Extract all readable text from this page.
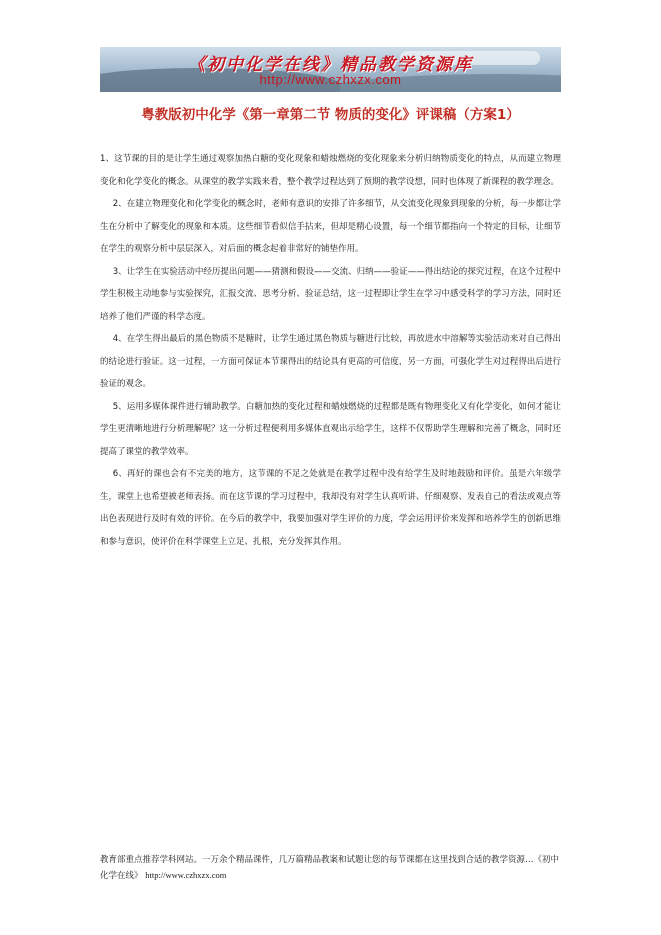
《初中化学在线》精品教学资源库
http://www.czhxzx.com
粤教版初中化学《第一章第二节 物质的变化》评课稿（方案1）

1、这节课的目的是让学生通过观察加热白糖的变化现象和蜡烛燃烧的变化现象来分析归纳物质变化的特点，从而建立物理变化和化学变化的概念。从课堂的教学实践来看，整个教学过程达到了预期的教学设想，同时也体现了新课程的教学理念。

2、在建立物理变化和化学变化的概念时，老师有意识的安排了许多细节，从交流变化现象到现象的分析，每一步都让学生在分析中了解变化的现象和本质。这些细节看似信手拈来，但却是精心设置，每一个细节都指向一个特定的目标，让细节在学生的观察分析中层层深入，对后面的概念起着非常好的铺垫作用。

3、让学生在实验活动中经历提出问题——猜测和假设——交流、归纳——验证——得出结论的探究过程，在这个过程中学生积极主动地参与实验探究，汇报交流、思考分析、验证总结，这一过程即让学生在学习中感受科学的学习方法，同时还培养了他们严谨的科学态度。

4、在学生得出最后的黑色物质不是糖时，让学生通过黑色物质与糖进行比较，再放进水中溶解等实验活动来对自己得出的结论进行验证。这一过程，一方面可保证本节课得出的结论具有更高的可信度，另一方面，可强化学生对过程得出后进行验证的观念。

5、运用多媒体课件进行辅助教学。白糖加热的变化过程和蜡烛燃烧的过程都是既有物理变化又有化学变化，如何才能让学生更清晰地进行分析理解呢？这一分析过程便利用多媒体直观出示给学生，这样不仅帮助学生理解和完善了概念，同时还提高了课堂的教学效率。

6、再好的课也会有不完美的地方，这节课的不足之处就是在教学过程中没有给学生及时地鼓励和评价。虽是六年级学生，课堂上也希望被老师表扬。而在这节课的学习过程中，我却没有对学生认真听讲、仔细观察、发表自己的看法或观点等出色表现进行及时有效的评价。在今后的教学中，我要加强对学生评价的力度，学会运用评价来发挥和培养学生的创新思维和参与意识，使评价在科学课堂上立足、扎根，充分发挥其作用。

教育部重点推荐学科网站。一万余个精品课件，几万篇精品教案和试题让您的每节课都在这里找到合适的教学资源…《初中化学在线》 http://www.czhxzx.com
